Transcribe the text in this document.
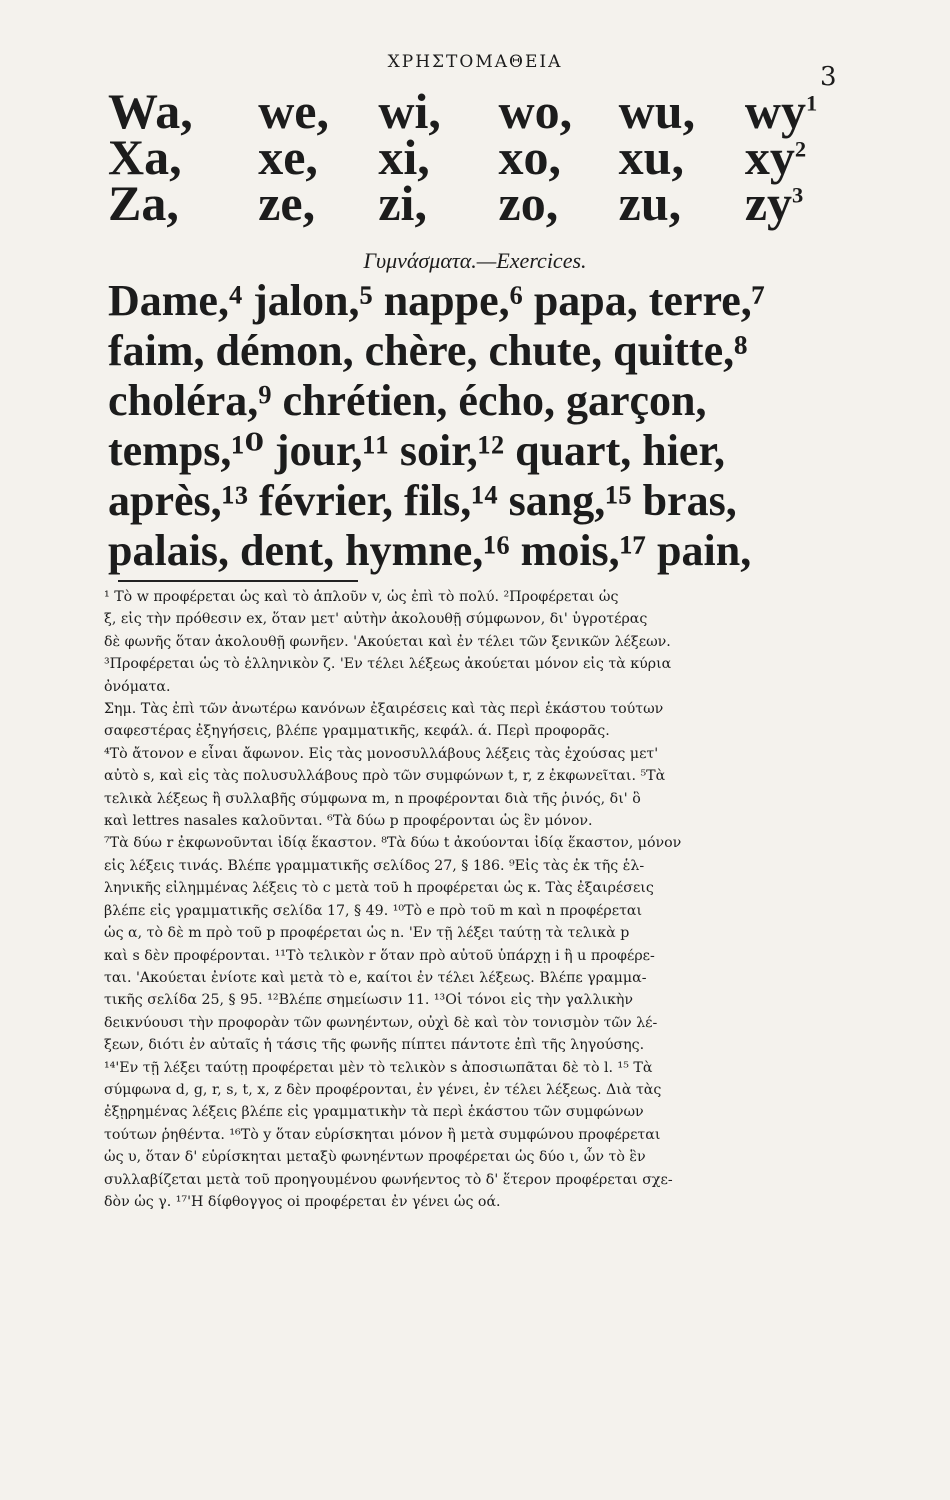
ΧΡΗΣΤΟΜΑΘΕΙΑ	3
Wa,	we, wi,	wo, wu, $wy^1$
Xa,	xe,	xi,	xo,	xu,	$xy^2$
Za,	ze,	zi,	zo,	zu,	$zy^3$
Γυμνάσματα.—Exercices.
Dame,⁴ jalon,⁵ nappe,⁶ papa, terre,⁷
faim, démon, chère, chute, quitte,⁸
choléra,⁹ chrétien, écho, garçon,
temps,¹⁰ jour,¹¹ soir,¹² quart, hier,
après,¹³ février, fils,¹⁴ sang,¹⁵ bras,
palais, dent, hymne,¹⁶ mois,¹⁷ pain,

¹ Τὸ w προφέρεται ὡς καὶ τὸ ἁπλοῦν v, ὡς ἐπὶ τὸ πολύ. ²Προφέρεται ὡς

ξ, εἰς τὴν πρόθεσιν ex, ὅταν μετ' αὐτὴν ἀκολουθῇ σύμφωνον, δι' ὑγροτέρας

δὲ φωνῆς ὅταν ἀκολουθῇ φωνῆεν. 'Ακούεται καὶ ἐν τέλει τῶν ξενικῶν λέξεων.

³Προφέρεται ὡς τὸ ἑλληνικὸν ζ. 'Εν τέλει λέξεως ἀκούεται μόνον εἰς τὰ κύρια

ὀνόματα.

Σημ. Τὰς ἐπὶ τῶν ἀνωτέρω κανόνων ἐξαιρέσεις καὶ τὰς περὶ ἑκάστου τούτων

σαφεστέρας ἐξηγήσεις, βλέπε γραμματικῆς, κεφάλ. ά. Περὶ προφορᾶς.

⁴Τὸ ἄτονον e εἶναι ἄφωνον. Εἰς τὰς μονοσυλλάβους λέξεις τὰς ἐχούσας μετ'

αὐτὸ s, καὶ εἰς τὰς πολυσυλλάβους πρὸ τῶν συμφώνων t, r, z ἐκφωνεῖται. ⁵Τὰ

τελικὰ λέξεως ἢ συλλαβῆς σύμφωνα m, n προφέρονται διὰ τῆς ῥινός, δι' ὃ

καὶ lettres nasales καλοῦνται. ⁶Τὰ δύω p προφέρονται ὡς ἓν μόνον.

⁷Τὰ δύω r ἐκφωνοῦνται ἰδίᾳ ἕκαστον. ⁸Τὰ δύω t ἀκούονται ἰδίᾳ ἕκαστον, μόνον

εἰς λέξεις τινάς. Βλέπε γραμματικῆς σελίδος 27, § 186. ⁹Εἰς τὰς ἐκ τῆς ἑλ-

ληνικῆς εἰλημμένας λέξεις τὸ c μετὰ τοῦ h προφέρεται ὡς κ. Τὰς ἐξαιρέσεις

βλέπε εἰς γραμματικῆς σελίδα 17, § 49. ¹⁰Τὸ e πρὸ τοῦ m καὶ n προφέρεται

ὡς α, τὸ δὲ m πρὸ τοῦ p προφέρεται ὡς n. 'Εν τῇ λέξει ταύτῃ τὰ τελικὰ p

καὶ s δὲν προφέρονται. ¹¹Τὸ τελικὸν r ὅταν πρὸ αὐτοῦ ὑπάρχῃ i ἢ u προφέρε-

ται. 'Ακούεται ἐνίοτε καὶ μετὰ τὸ e, καίτοι ἐν τέλει λέξεως. Βλέπε γραμμα-

τικῆς σελίδα 25, § 95. ¹²Βλέπε σημείωσιν 11. ¹³Οἱ τόνοι εἰς τὴν γαλλικὴν

δεικνύουσι τὴν προφορὰν τῶν φωνηέντων, οὐχὶ δὲ καὶ τὸν τονισμὸν τῶν λέ-

ξεων, διότι ἐν αὐταῖς ἡ τάσις τῆς φωνῆς πίπτει πάντοτε ἐπὶ τῆς ληγούσης.

¹⁴'Εν τῇ λέξει ταύτῃ προφέρεται μὲν τὸ τελικὸν s ἀποσιωπᾶται δὲ τὸ l. ¹⁵ Τὰ

σύμφωνα d, g, r, s, t, x, z δὲν προφέρονται, ἐν γένει, ἐν τέλει λέξεως. Διὰ τὰς

ἐξῃρημένας λέξεις βλέπε εἰς γραμματικὴν τὰ περὶ ἑκάστου τῶν συμφώνων

τούτων ῥηθέντα. ¹⁶Τὸ y ὅταν εὑρίσκηται μόνον ἢ μετὰ συμφώνου προφέρεται

ὡς υ, ὅταν δ' εὑρίσκηται μεταξὺ φωνηέντων προφέρεται ὡς δύο ι, ὧν τὸ ἓν

συλλαβίζεται μετὰ τοῦ προηγουμένου φωνήεντος τὸ δ' ἕτερον προφέρεται σχε-

δὸν ὡς γ. ¹⁷'Η δίφθογγος oi προφέρεται ἐν γένει ὡς οά.
